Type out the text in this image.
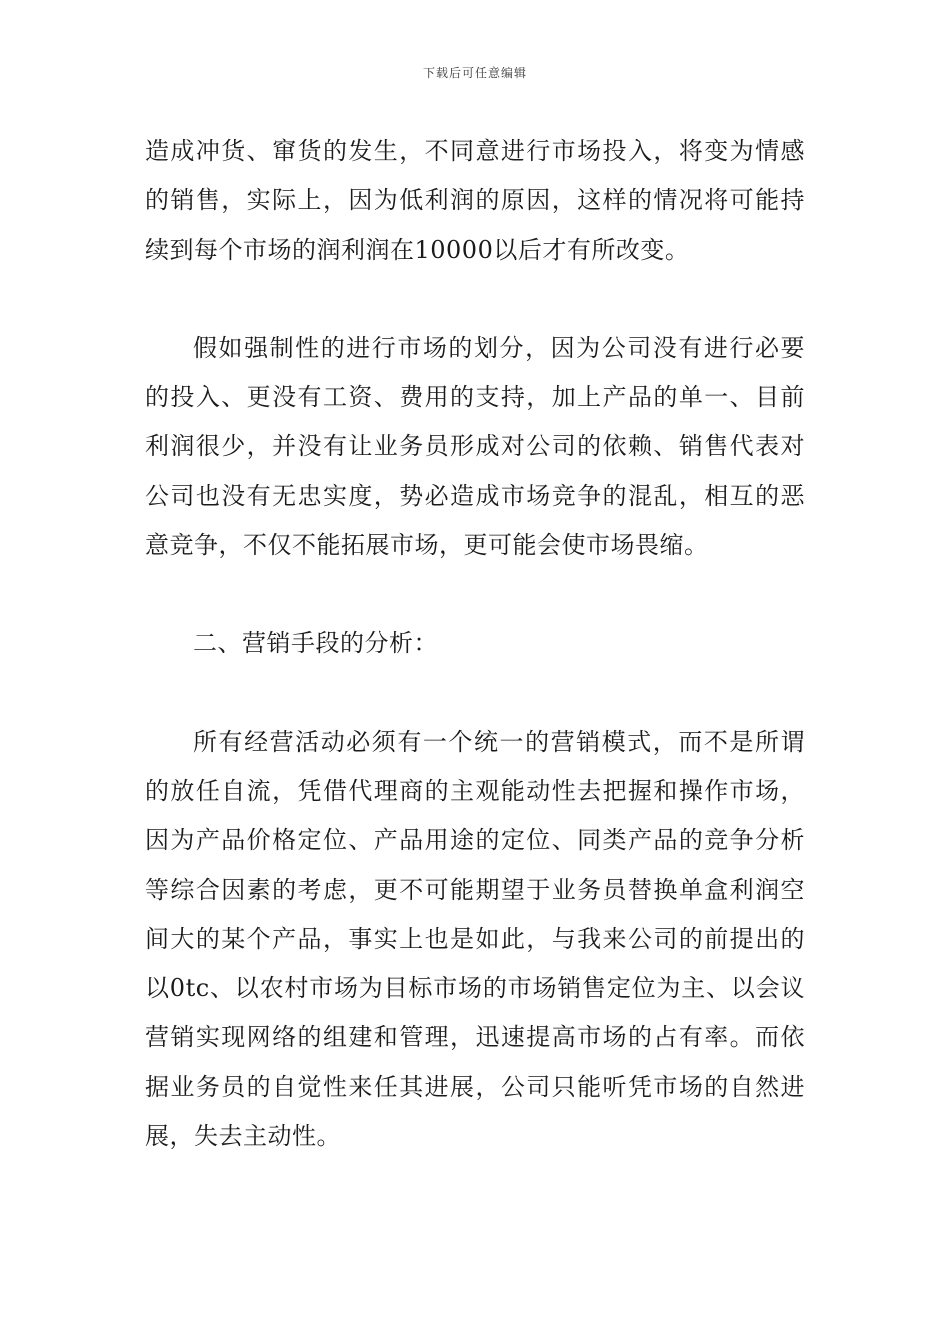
下载后可任意编辑

造成冲货、窜货的发生，不同意进行市场投入，将变为情感的销售，实际上，因为低利润的原因，这样的情况将可能持续到每个市场的润利润在10000以后才有所改变。

假如强制性的进行市场的划分，因为公司没有进行必要的投入、更没有工资、费用的支持，加上产品的单一、目前利润很少，并没有让业务员形成对公司的依赖、销售代表对公司也没有无忠实度，势必造成市场竞争的混乱，相互的恶意竞争，不仅不能拓展市场，更可能会使市场畏缩。

二、营销手段的分析：

所有经营活动必须有一个统一的营销模式，而不是所谓的放任自流，凭借代理商的主观能动性去把握和操作市场，因为产品价格定位、产品用途的定位、同类产品的竞争分析等综合因素的考虑，更不可能期望于业务员替换单盒利润空间大的某个产品，事实上也是如此，与我来公司的前提出的以0tc、以农村市场为目标市场的市场销售定位为主、以会议营销实现网络的组建和管理，迅速提高市场的占有率。而依据业务员的自觉性来任其进展，公司只能听凭市场的自然进展，失去主动性。
